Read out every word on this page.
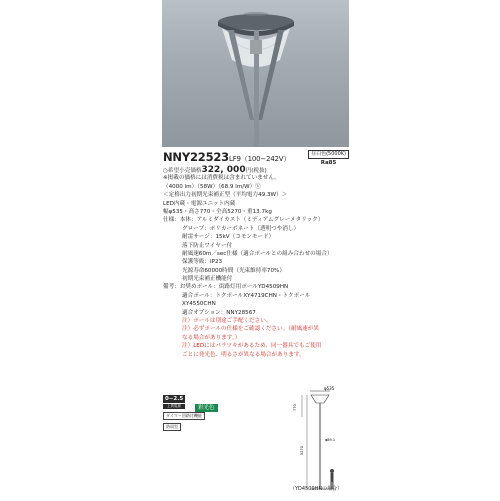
NNY22523LF9（100−242V）
昼白色(5000K)
Ra85
○希望小売価格322, 000円(税抜)
※掲載の価格には消費税は含まれていません。
（4000 lm）（58W）（68.9 lm/W）Ⓥ
＜定格出力初期光束補正型（平均電力49.3W）＞
LED内蔵・電源ユニット内蔵
幅φ535・高さ770・全高5270・重13.7kg
仕様：本体：アルミダイカスト（ミディアムグレーメタリック）
グローブ：ポリカーボネート（透明つや消し）
耐雷サージ：15kV（コモンモード）
落下防止ワイヤー付
耐風速60m／sec仕様（適合ポールとの組み合わせの場合）
保護等級：IP23
光源寿命60000時間（光束維持率70%）
初期光束補正機能付
備考：お奨めポール：街路灯用ポールYD4509HN
適合ポール：トクポールXY4719CHN・トクポール
XY4550CHN
適合オプション：NNY28567
注）ポールは別途ご手配ください。
注）必ずポールの仕様をご確認ください。（耐風速が異
なる場合があります。）
注）LEDにはバラツキがあるため、同一器具でもご使用
ごとに発光色、明るさが異なる場合があります。
0−2.5
上質電源	彩光色
タイマー回路比機能
防雨型
φ535
770
5270
φ89.1
（YD4509HNの場合）
